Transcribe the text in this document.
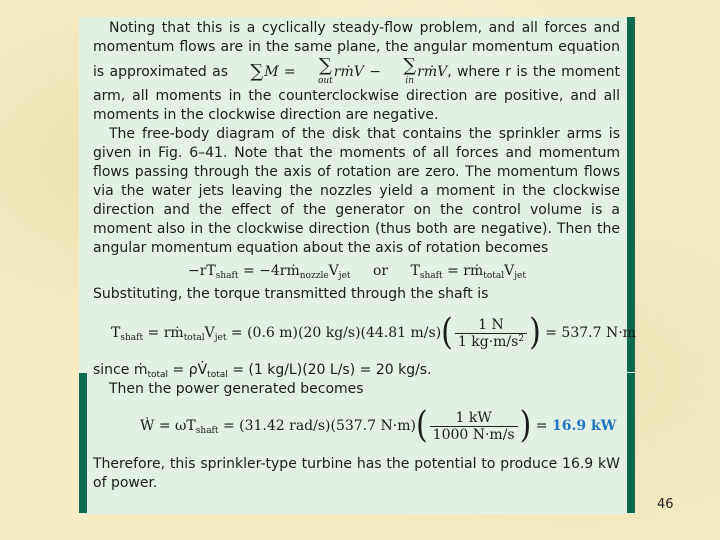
Noting that this is a cyclically steady-flow problem, and all forces and momentum flows are in the same plane, the angular momentum equation is approximated as	∑ M =	∑
out
rṁV −	∑
in
rṁV, where r is the moment arm, all moments in the counterclockwise direction are positive, and all moments in the clockwise direction are negative.

The free-body diagram of the disk that contains the sprinkler arms is given in Fig. 6–41. Note that the moments of all forces and momentum flows passing through the axis of rotation are zero. The momentum flows via the water jets leaving the nozzles yield a moment in the clockwise direction and the effect of the generator on the control volume is a moment also in the clockwise direction (thus both are negative). Then the angular momentum equation about the axis of rotation becomes

$-rT_{shaft}$ = $-4rṁ_{nozzle}V_{jet}$ or $T_{shaft}$ = $rṁ_{total}V_{jet}$

Substituting, the torque transmitted through the shaft is

$T_{shaft}$ = $rṁ_{total}V_{jet} = (0.6$ m)(20 kg/s)(44.81 $m/s)( \frac{1 N}{1 kg\cdot m/s^2}$ ) = 537.7 N·m

since ṁ$_{total}$ = $\rho V̇_{total} = (1$ kg/L)(20 L/s) = 20 kg/s.

Then the power generated becomes

Ẇ = $\omega T_{shaft} = (31.42$ rad/s)(537.7 $N\cdot m)( \frac{1 kW}{1000 N\cdot m/s}$ ) = 16.9 kW

Therefore, this sprinkler-type turbine has the potential to produce 16.9 kW of power.

46
